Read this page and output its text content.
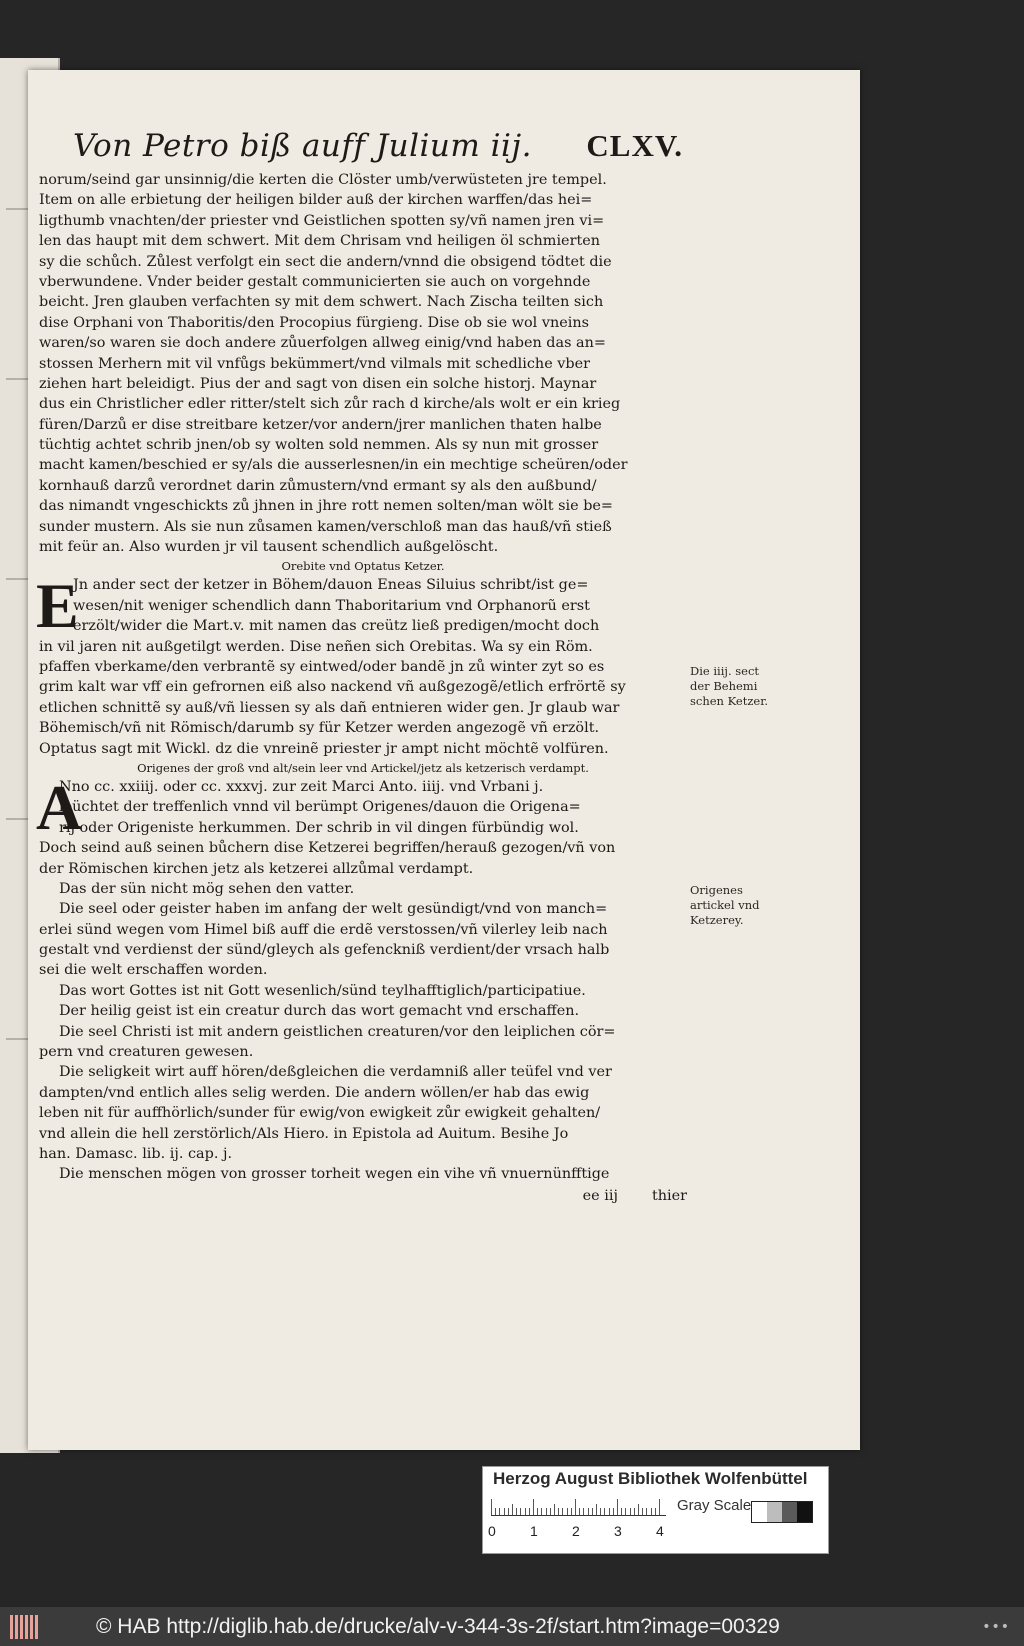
Von Petro biß auff Julium iij. CLXV.
norum/seind gar unsinnig/die kerten die Clöster umb/verwüsteten jre tempel.
Item on alle erbietung der heiligen bilder auß der kirchen warffen/das hei=
ligthumb vnachten/der priester vnd Geistlichen spotten sy/vñ namen jren vi=
len das haupt mit dem schwert. Mit dem Chrisam vnd heiligen öl schmierten
sy die schůch. Zůlest verfolgt ein sect die andern/vnnd die obsigend tödtet die
vberwundene. Vnder beider gestalt communicierten sie auch on vorgehnde
beicht. Jren glauben verfachten sy mit dem schwert. Nach Zischa teilten sich
dise Orphani von Thaboritis/den Procopius fürgieng. Dise ob sie wol vneins
waren/so waren sie doch andere zůuerfolgen allweg einig/vnd haben das an=
stossen Merhern mit vil vnfůgs bekümmert/vnd vilmals mit schedliche vber
ziehen hart beleidigt. Pius der and sagt von disen ein solche historj. Maynar
dus ein Christlicher edler ritter/stelt sich zůr rach d kirche/als wolt er ein krieg
füren/Darzů er dise streitbare ketzer/vor andern/jrer manlichen thaten halbe
tüchtig achtet schrib jnen/ob sy wolten sold nemmen. Als sy nun mit grosser
macht kamen/beschied er sy/als die ausserlesnen/in ein mechtige scheüren/oder
kornhauß darzů verordnet darin zůmustern/vnd ermant sy als den außbund/
das nimandt vngeschickts zů jhnen in jhre rott nemen solten/man wölt sie be=
sunder mustern. Als sie nun zůsamen kamen/verschloß man das hauß/vñ stieß
mit feür an. Also wurden jr vil tausent schendlich außgelöscht.
Orebite vnd Optatus Ketzer.
E
Jn ander sect der ketzer in Böhem/dauon Eneas Siluius schribt/ist ge=
wesen/nit weniger schendlich dann Thaboritarium vnd Orphanorũ erst
erzölt/wider die Mart.v. mit namen das creütz ließ predigen/mocht doch
in vil jaren nit außgetilgt werden. Dise neñen sich Orebitas. Wa sy ein Röm.
pfaffen vberkame/den verbrantẽ sy eintwed/oder bandẽ jn zů winter zyt so es
grim kalt war vff ein gefrornen eiß also nackend vñ außgezogẽ/etlich erfrörtẽ sy
etlichen schnittẽ sy auß/vñ liessen sy als dañ entnieren wider gen. Jr glaub war
Böhemisch/vñ nit Römisch/darumb sy für Ketzer werden angezogẽ vñ erzölt.
Optatus sagt mit Wickl. dz die vnreinẽ priester jr ampt nicht möchtẽ volfüren.
Origenes der groß vnd alt/sein leer vnd Artickel/jetz als ketzerisch verdampt.
A
Nno cc. xxiiij. oder cc. xxxvj. zur zeit Marci Anto. iiij. vnd Vrbani j.
leüchtet der treffenlich vnnd vil berümpt Origenes/dauon die Origena=
rij oder Origeniste herkummen. Der schrib in vil dingen fürbündig wol.
Doch seind auß seinen bůchern dise Ketzerei begriffen/herauß gezogen/vñ von
der Römischen kirchen jetz als ketzerei allzůmal verdampt.
Das der sün nicht mög sehen den vatter.
Die seel oder geister haben im anfang der welt gesündigt/vnd von manch=
erlei sünd wegen vom Himel biß auff die erdẽ verstossen/vñ vilerley leib nach
gestalt vnd verdienst der sünd/gleych als gefenckniß verdient/der vrsach halb
sei die welt erschaffen worden.
Das wort Gottes ist nit Gott wesenlich/sünd teylhafftiglich/participatiue.
Der heilig geist ist ein creatur durch das wort gemacht vnd erschaffen.
Die seel Christi ist mit andern geistlichen creaturen/vor den leiplichen cör=
pern vnd creaturen gewesen.
Die seligkeit wirt auff hören/deßgleichen die verdamniß aller teüfel vnd ver
dampten/vnd entlich alles selig werden. Die andern wöllen/er hab das ewig
leben nit für auffhörlich/sunder für ewig/von ewigkeit zůr ewigkeit gehalten/
vnd allein die hell zerstörlich/Als Hiero. in Epistola ad Auitum. Besihe Jo
han. Damasc. lib. ij. cap. j.
Die menschen mögen von grosser torheit wegen ein vihe vñ vnuernünfftige
ee iij thier
Die iiij. sect
der Behemi
schen Ketzer.
Origenes
artickel vnd
Ketzerey.
Herzog August Bibliothek Wolfenbüttel
0 1 2 3 4
Gray Scale
© HAB http://diglib.hab.de/drucke/alv-v-344-3s-2f/start.htm?image=00329	•••
